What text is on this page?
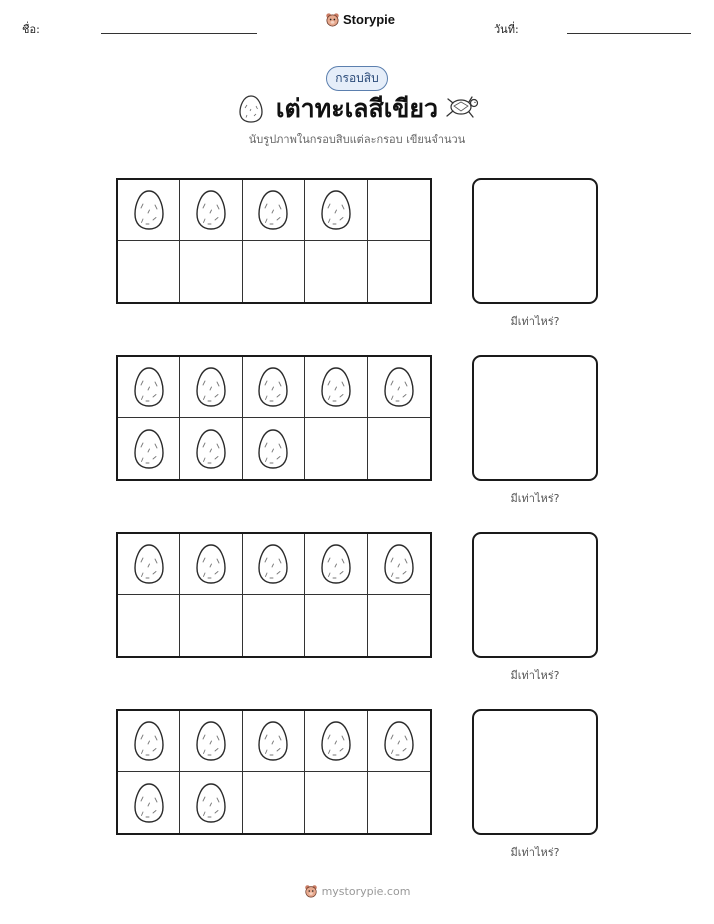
ชื่อ:
Storypie
วันที่:
กรอบสิบ
เต่าทะเลสีเขียว
นับรูปภาพในกรอบสิบแต่ละกรอบ เขียนจำนวน
มีเท่าไหร่?
มีเท่าไหร่?
มีเท่าไหร่?
มีเท่าไหร่?
mystorypie.com
